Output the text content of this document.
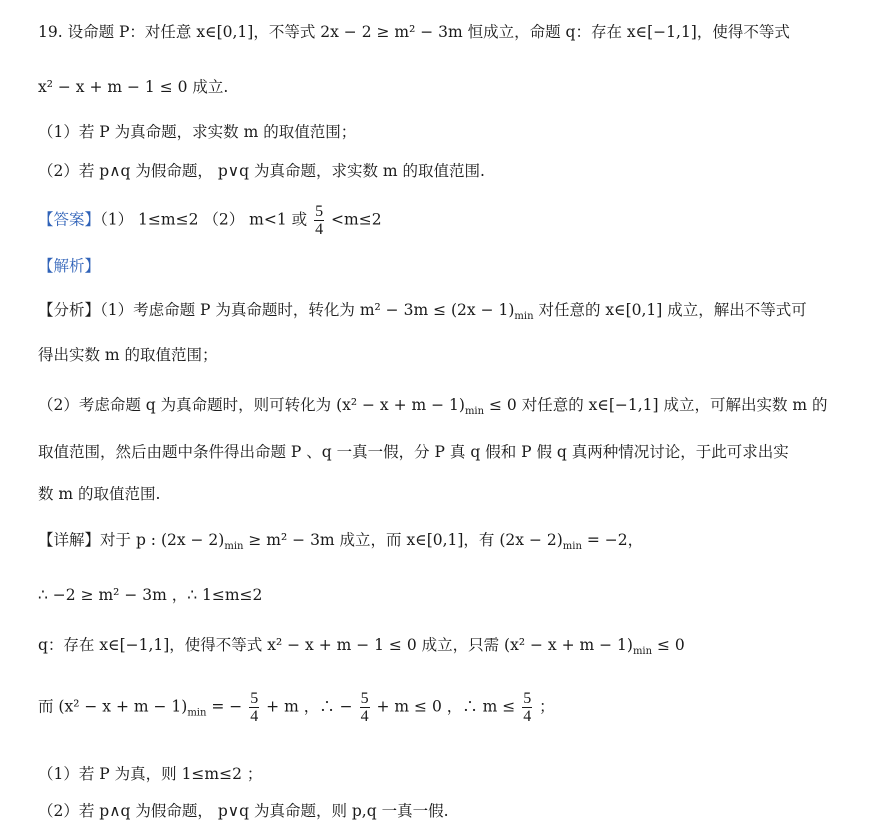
19. 设命题 P：对任意 x∈[0,1]，不等式 2x − 2 ≥ m² − 3m 恒成立，命题 q：存在 x∈[−1,1]，使得不等式
x² − x + m − 1 ≤ 0 成立.
（1）若 P 为真命题，求实数 m 的取值范围；
（2）若 p∧q 为假命题， p∨q 为真命题，求实数 m 的取值范围.
【答案】（1） 1≤m≤2 （2） m<1 或 $\frac{5}{4} <m\le 2$
【解析】
【分析】（1）考虑命题 P 为真命题时，转化为 $m^2 - 3m \le (2x - 1)_{min}$ 对任意的 x∈[0,1] 成立，解出不等式可
得出实数 m 的取值范围；
（2）考虑命题 q 为真命题时，则可转化为 $(x^2 - x + m - 1)_{min} \le 0$ 对任意的 x∈[−1,1] 成立，可解出实数 m 的
取值范围，然后由题中条件得出命题 P 、q 一真一假，分 P 真 q 假和 P 假 q 真两种情况讨论，于此可求出实
数 m 的取值范围.
【详解】对于 p : $(2x - 2)_{min} \ge m^2 - 3m$ 成立，而 x∈[0,1]，有 $(2x - 2)_{min} = -2$，
∴ −2 ≥ m² − 3m ，∴ 1≤m≤2
q：存在 x∈[−1,1]，使得不等式 x² − x + m − 1 ≤ 0 成立，只需 $(x^2 - x + m - 1)_{min} \le 0$
而 $(x^2 - x + m - 1)_{min}$ = − $\frac{5}{4} + m$ ，∴ − $\frac{5}{4} + m \le 0$ ，∴ $m \le \frac{5}{4}$ ；
（1）若 P 为真，则 1≤m≤2 ；
（2）若 p∧q 为假命题， p∨q 为真命题，则 p,q 一真一假.
